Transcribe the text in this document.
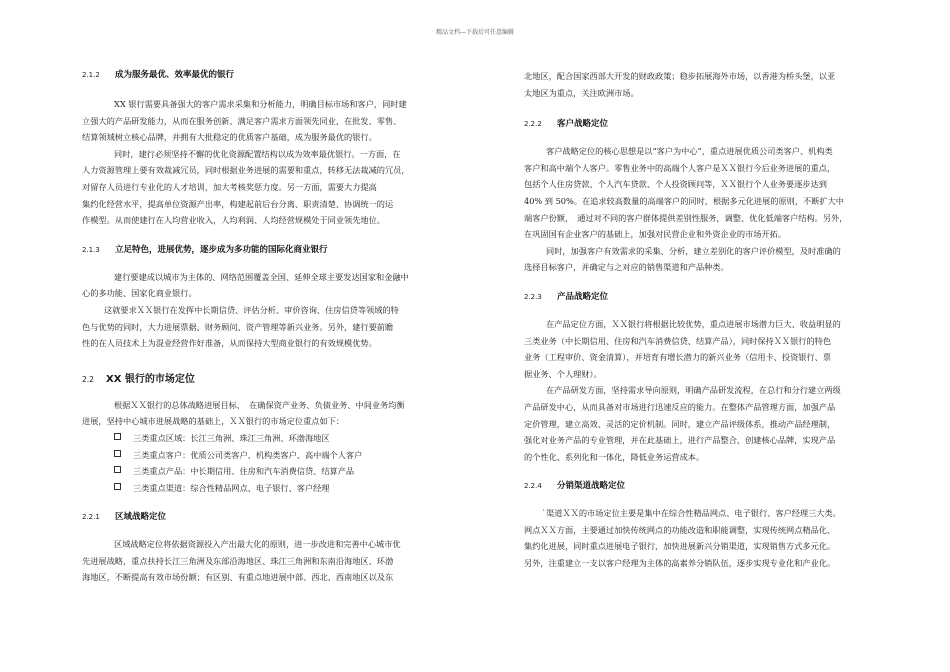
精品文档---下载后可任意编辑
2.1.2	成为服务最优、效率最优的银行

XX 银行需要具备强大的客户需求采集和分析能力，明确目标市场和客户，同时建

立强大的产品研发能力，从而在服务创新、满足客户需求方面领先同业，在批发、零售、

结算领域树立核心品牌，并拥有大批稳定的优质客户基础，成为服务最优的银行。

同时，建行必须坚持不懈的优化资源配置结构以成为效率最优银行。一方面，在

人力资源管理上要有效裁减冗员，同时根据业务进展的需要和重点，转移无法裁减的冗员，

对留存人员进行专业化的人才培训，加大考核奖惩力度。另一方面，需要大力提高

集约化经营水平，提高单位资源产出率，构建起前后台分离、职责清楚、协调统一的运

作模型。从而使建行在人均营业收入，人均利润、人均经营规模处于同业领先地位。

2.1.3	立足特色，进展优势，逐步成为多功能的国际化商业银行

建行要建成以城市为主体的、网络范围覆盖全国、延伸全球主要发达国家和金融中

心的多功能、国家化商业银行。

这就要求ＸＸ银行在发挥中长期信贷、评估分析、审价咨询、住房信贷等领域的特

色与优势的同时，大力进展票据、财务顾问、资产管理等新兴业务。另外，建行要前瞻

性的在人员技术上为混业经营作好准备，从而保持大型商业银行的有效规模优势。

2.2	XX 银行的市场定位

根据ＸＸ银行的总体战略进展目标，　在确保资产业务、负债业务、中间业务均衡

进展，坚持中心城市进展战略的基础上，ＸＸ银行的市场定位重点如下：

三类重点区域：长江三角洲、珠江三角洲、环渤海地区

三类重点客户：优质公司类客户、机构类客户、高中端个人客户

三类重点产品：中长期信用、住房和汽车消费信贷、结算产品

三类重点渠道：综合性精品网点、电子银行、客户经理

2.2.1	区域战略定位

区域战略定位将依据资源投入产出最大化的原则，进一步改进和完善中心城市优

先进展战略，重点扶持长江三角洲及东部沿海地区、珠江三角洲和东南沿海地区、环渤

海地区，不断提高有效市场份额；有区别、有重点地进展中部、西北、西南地区以及东

北地区，配合国家西部大开发的财政政策；稳步拓展海外市场，以香港为桥头堡，以亚

太地区为重点，关注欧洲市场。

2.2.2	客户战略定位

客户战略定位的核心思想是以“客户为中心”，重点进展优质公司类客户、机构类

客户和高中端个人客户。零售业务中的高端个人客户是ＸＸ银行今后业务进展的重点，

包括个人住房贷款、个人汽车贷款、个人投资顾问等，ＸＸ银行个人业务要逐步达到

40% 到 50%。在追求较高数量的高端客户的同时，根据多元化进展的原则，不断扩大中

端客户份额，　通过对不同的客户群体提供差别性服务，调整、优化低端客户结构。另外，

在巩固国有企业客户的基础上，加强对民营企业和外资企业的市场开拓。

同时，加强客户有效需求的采集、分析，建立差别化的客户评价模型，及时准确的

选择目标客户，并确定与之对应的销售渠道和产品种类。

2.2.3	产品战略定位

在产品定位方面，ＸＸ银行将根据比较优势，重点进展市场潜力巨大、收益明显的

三类业务（中长期信用、住房和汽车消费信贷、结算产品），同时保持ＸＸ银行的特色

业务（工程审价、资金清算），并培育有增长潜力的新兴业务（信用卡、投资银行、票

据业务、个人理财）。

在产品研发方面，坚持需求导向原则，明确产品研发流程，在总行和分行建立两级

产品研发中心，从而具备对市场进行迅速反应的能力。在整体产品管理方面，加强产品

定价管理，建立高效、灵活的定价机制。同时，建立产品评级体系，推动产品经理制，

强化对业务产品的专业管理，并在此基础上，进行产品整合，创建核心品牌，实现产品

的个性化、系列化和一体化，降低业务运营成本。

2.2.4	分销渠道战略定位

`渠道ＸＸ的市场定位主要是集中在综合性精品网点、电子银行、客户经理三大类。

网点ＸＸ方面，主要通过加快传统网点的功能改造和职能调整，实现传统网点精品化、

集约化进展，同时重点进展电子银行，加快进展新兴分销渠道，实现销售方式多元化。

另外，注重建立一支以客户经理为主体的高素养分销队伍，逐步实现专业化和产业化。
